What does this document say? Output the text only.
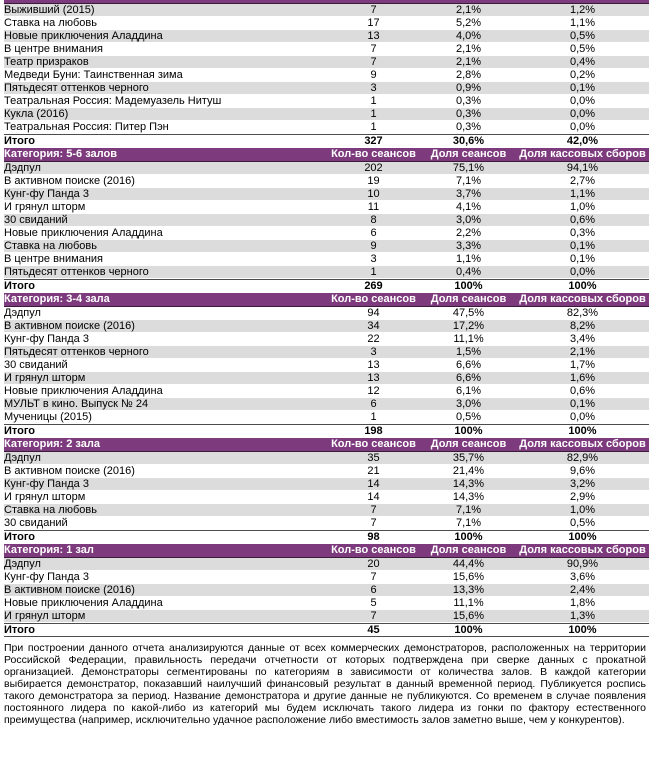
Выживший (2015)	7	2,1%	1,2%
Ставка на любовь	17	5,2%	1,1%
Новые приключения Аладдина	13	4,0%	0,5%
В центре внимания	7	2,1%	0,5%
Театр призраков	7	2,1%	0,4%
Медведи Буни: Таинственная зима	9	2,8%	0,2%
Пятьдесят оттенков черного	3	0,9%	0,1%
Театральная Россия: Мадемуазель Нитуш	1	0,3%	0,0%
Кукла (2016)	1	0,3%	0,0%
Театральная Россия: Питер Пэн	1	0,3%	0,0%
Итого	327	30,6%	42,0%
Категория: 5-6 залов	Кол-во сеансов	Доля сеансов	Доля кассовых сборов
Дэдпул	202	75,1%	94,1%
В активном поиске (2016)	19	7,1%	2,7%
Кунг-фу Панда 3	10	3,7%	1,1%
И грянул шторм	11	4,1%	1,0%
30 свиданий	8	3,0%	0,6%
Новые приключения Аладдина	6	2,2%	0,3%
Ставка на любовь	9	3,3%	0,1%
В центре внимания	3	1,1%	0,1%
Пятьдесят оттенков черного	1	0,4%	0,0%
Итого	269	100%	100%
Категория: 3-4 зала	Кол-во сеансов	Доля сеансов	Доля кассовых сборов
Дэдпул	94	47,5%	82,3%
В активном поиске (2016)	34	17,2%	8,2%
Кунг-фу Панда 3	22	11,1%	3,4%
Пятьдесят оттенков черного	3	1,5%	2,1%
30 свиданий	13	6,6%	1,7%
И грянул шторм	13	6,6%	1,6%
Новые приключения Аладдина	12	6,1%	0,6%
МУЛЬТ в кино. Выпуск № 24	6	3,0%	0,1%
Мученицы (2015)	1	0,5%	0,0%
Итого	198	100%	100%
Категория: 2 зала	Кол-во сеансов	Доля сеансов	Доля кассовых сборов
Дэдпул	35	35,7%	82,9%
В активном поиске (2016)	21	21,4%	9,6%
Кунг-фу Панда 3	14	14,3%	3,2%
И грянул шторм	14	14,3%	2,9%
Ставка на любовь	7	7,1%	1,0%
30 свиданий	7	7,1%	0,5%
Итого	98	100%	100%
Категория: 1 зал	Кол-во сеансов	Доля сеансов	Доля кассовых сборов
Дэдпул	20	44,4%	90,9%
Кунг-фу Панда 3	7	15,6%	3,6%
В активном поиске (2016)	6	13,3%	2,4%
Новые приключения Аладдина	5	11,1%	1,8%
И грянул шторм	7	15,6%	1,3%
Итого	45	100%	100%

При построении данного отчета анализируются данные от всех коммерческих демонстраторов, расположенных на территории Российской Федерации, правильность передачи отчетности от которых подтверждена при сверке данных с прокатной организацией. Демонстраторы сегментированы по категориям в зависимости от количества залов. В каждой категории выбирается демонстратор, показавший наилучший финансовый результат в данный временной период. Публикуется роспись такого демонстратора за период. Название демонстратора и другие данные не публикуются. Со временем в случае появления постоянного лидера по какой-либо из категорий мы будем исключать такого лидера из гонки по фактору естественного преимущества (например, исключительно удачное расположение либо вместимость залов заметно выше, чем у конкурентов).
